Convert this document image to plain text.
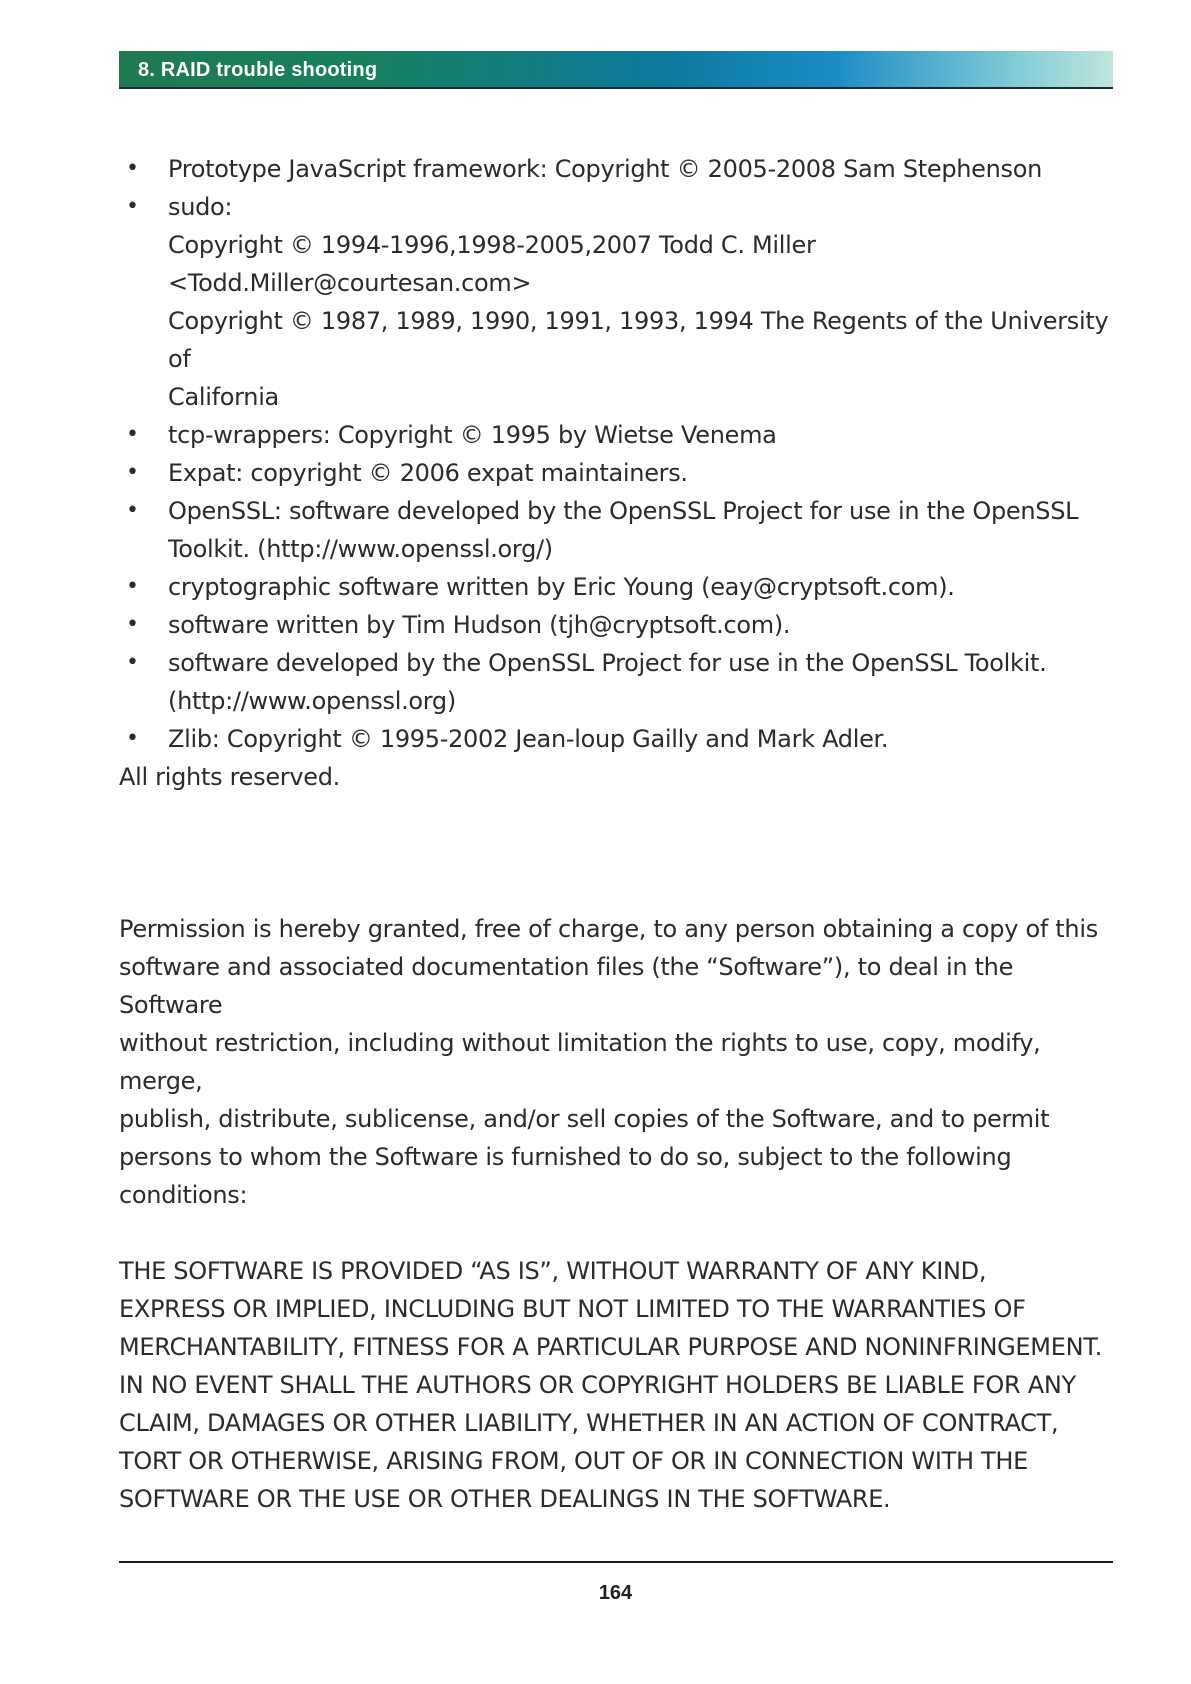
8. RAID trouble shooting
• Prototype JavaScript framework: Copyright © 2005-2008 Sam Stephenson
• sudo:
Copyright © 1994-1996,1998-2005,2007 Todd C. Miller <Todd.Miller@courtesan.com>
Copyright © 1987, 1989, 1990, 1991, 1993, 1994 The Regents of the University of
California
• tcp-wrappers: Copyright © 1995 by Wietse Venema
• Expat: copyright © 2006 expat maintainers.
• OpenSSL: software developed by the OpenSSL Project for use in the OpenSSL
Toolkit. (http://www.openssl.org/)
• cryptographic software written by Eric Young (eay@cryptsoft.com).
• software written by Tim Hudson (tjh@cryptsoft.com).
• software developed by the OpenSSL Project for use in the OpenSSL Toolkit.
(http://www.openssl.org)
• Zlib: Copyright © 1995-2002 Jean-loup Gailly and Mark Adler.
All rights reserved.
Permission is hereby granted, free of charge, to any person obtaining a copy of this
software and associated documentation files (the “Software”), to deal in the Software
without restriction, including without limitation the rights to use, copy, modify, merge,
publish, distribute, sublicense, and/or sell copies of the Software, and to permit
persons to whom the Software is furnished to do so, subject to the following conditions:
THE SOFTWARE IS PROVIDED “AS IS”, WITHOUT WARRANTY OF ANY KIND,
EXPRESS OR IMPLIED, INCLUDING BUT NOT LIMITED TO THE WARRANTIES OF
MERCHANTABILITY, FITNESS FOR A PARTICULAR PURPOSE AND NONINFRINGEMENT.
IN NO EVENT SHALL THE AUTHORS OR COPYRIGHT HOLDERS BE LIABLE FOR ANY
CLAIM, DAMAGES OR OTHER LIABILITY, WHETHER IN AN ACTION OF CONTRACT,
TORT OR OTHERWISE, ARISING FROM, OUT OF OR IN CONNECTION WITH THE
SOFTWARE OR THE USE OR OTHER DEALINGS IN THE SOFTWARE.
164
